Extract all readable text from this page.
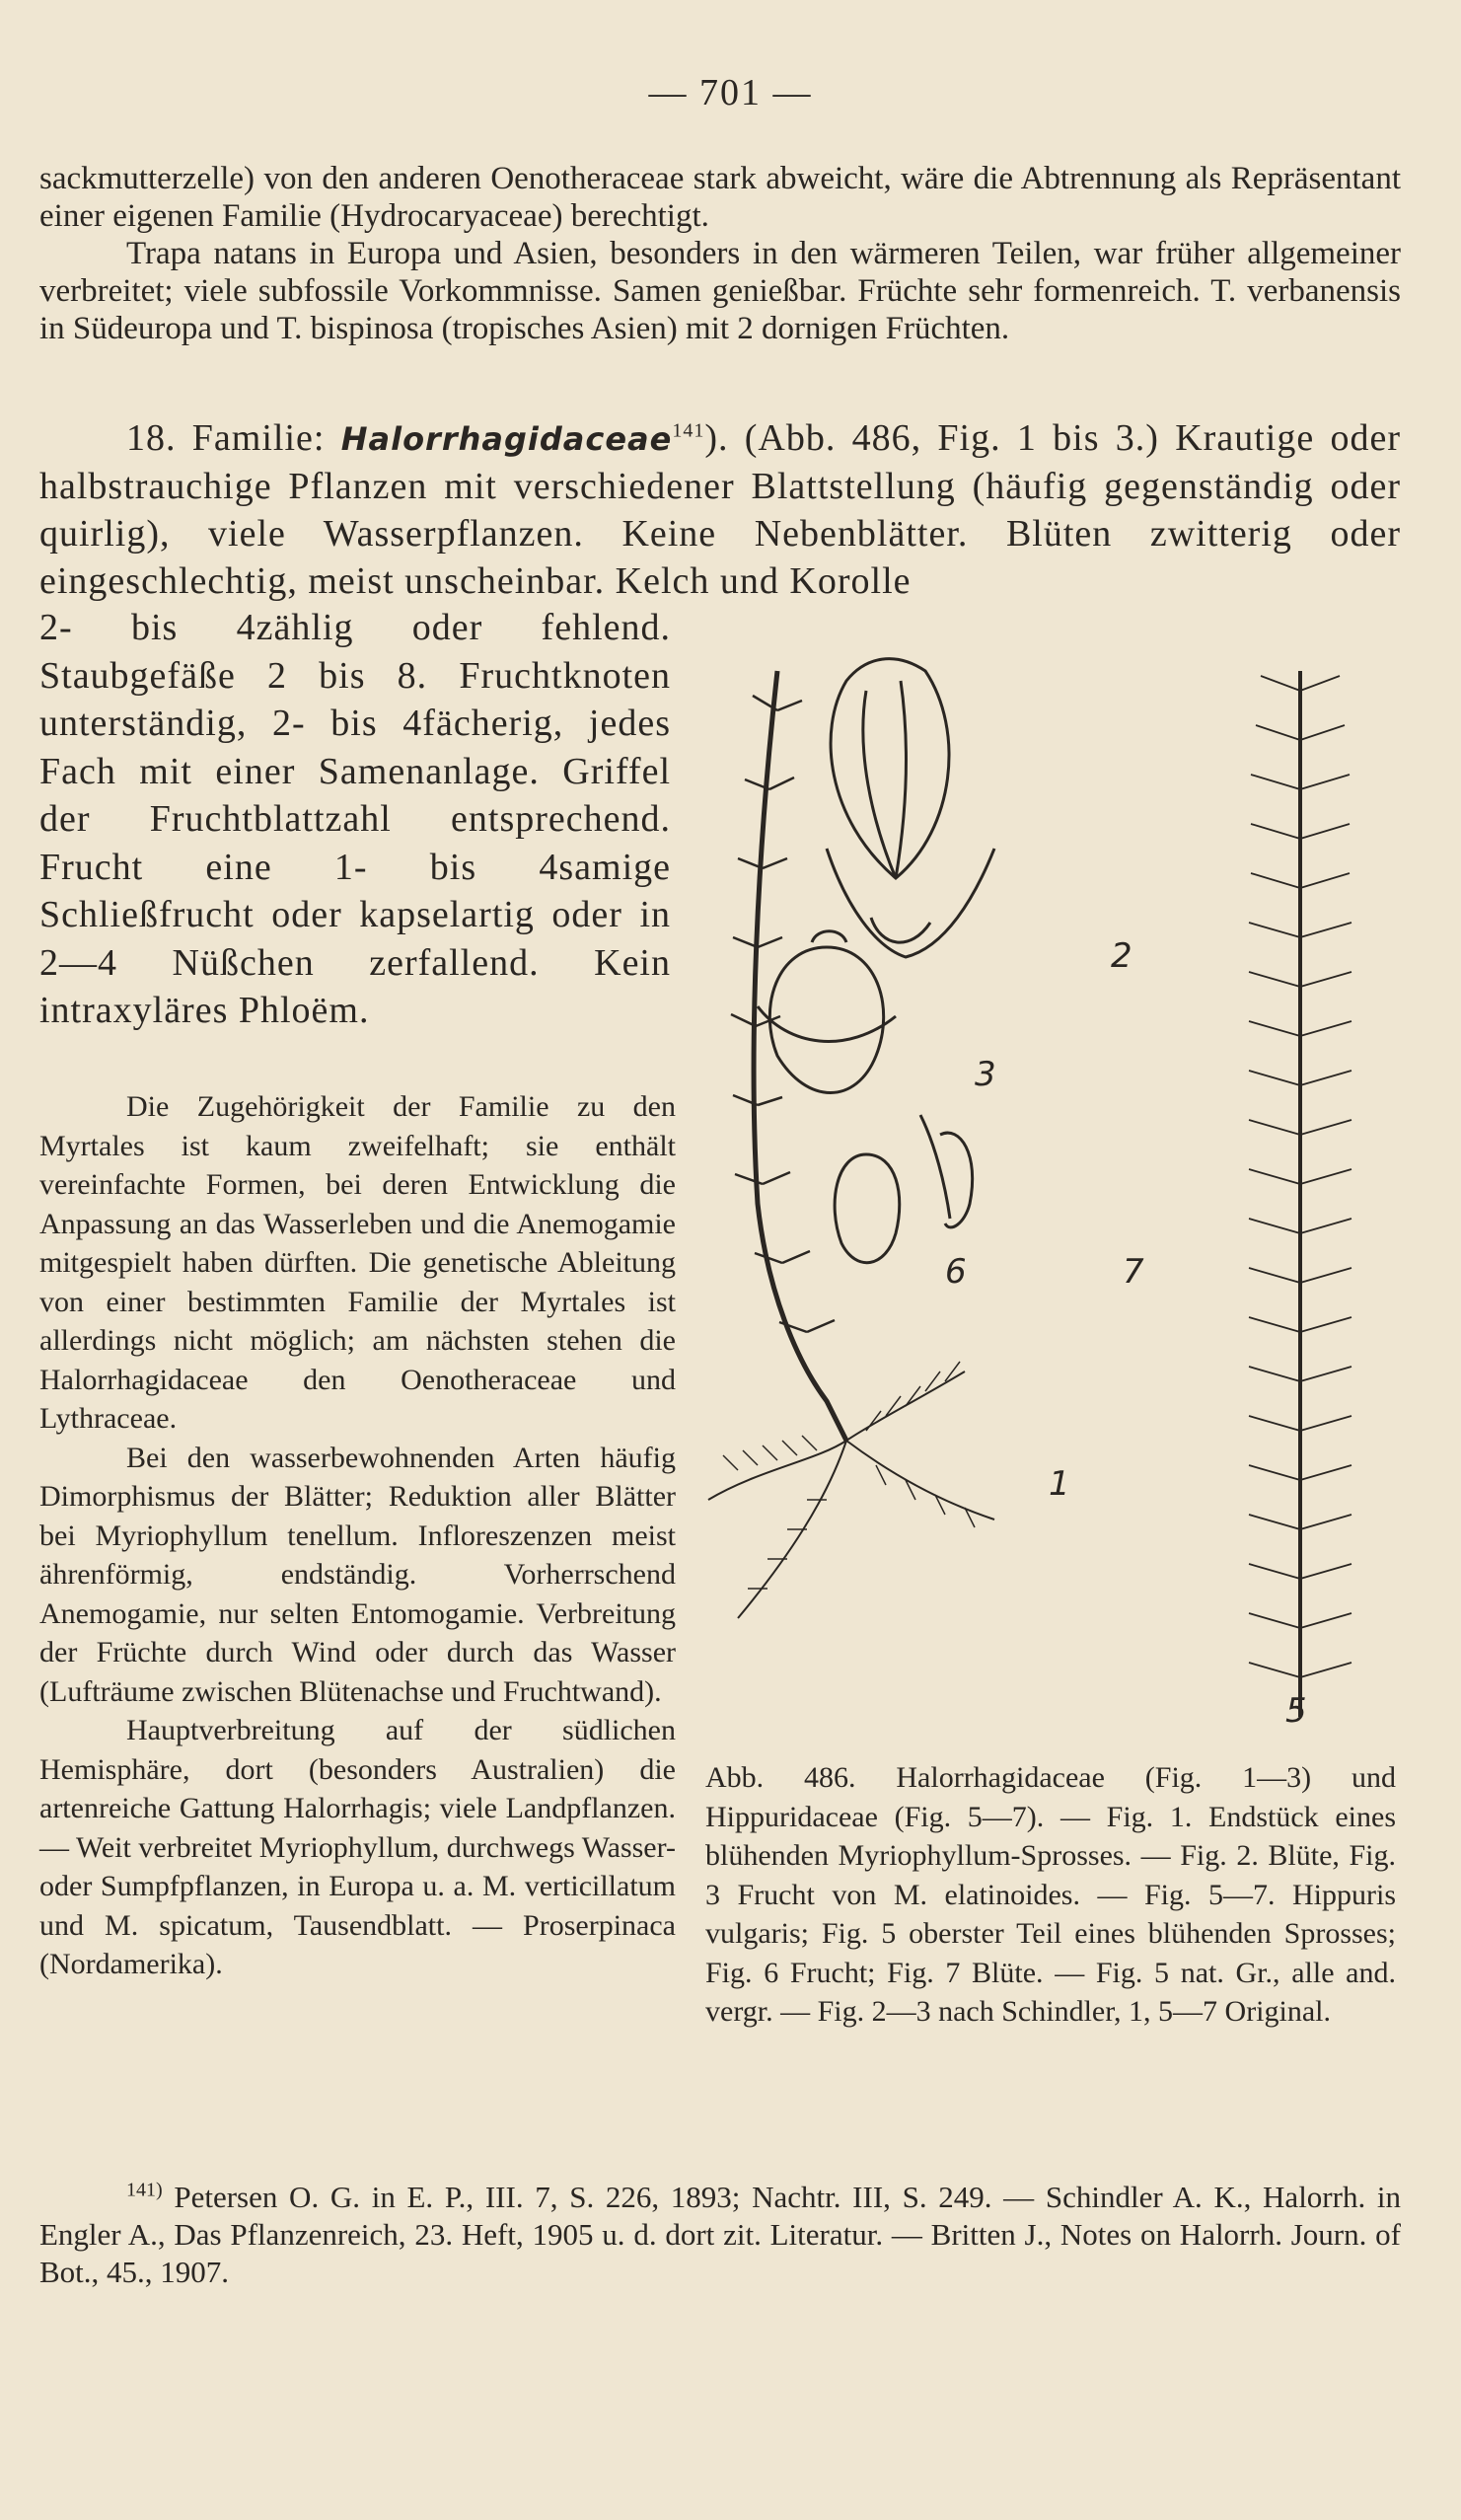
— 701 —

sackmutterzelle) von den anderen Oenotheraceae stark abweicht, wäre die Abtrennung als Repräsentant einer eigenen Familie (Hydrocaryaceae) berechtigt.

Trapa natans in Europa und Asien, besonders in den wärmeren Teilen, war früher allgemeiner verbreitet; viele subfossile Vorkommnisse. Samen genießbar. Früchte sehr formenreich. T. verbanensis in Südeuropa und T. bispinosa (tropisches Asien) mit 2 dornigen Früchten.

18. Familie: Halorrhagidaceae$^{141}$). (Abb. 486, Fig. 1 bis 3.) Krautige oder halbstrauchige Pflanzen mit verschiedener Blattstellung (häufig gegenständig oder quirlig), viele Wasserpflanzen. Keine Nebenblätter. Blüten zwitterig oder eingeschlechtig, meist unscheinbar. Kelch und Korolle
2- bis 4zählig oder fehlend. Staubgefäße 2 bis 8. Fruchtknoten unterständig, 2- bis 4fächerig, jedes Fach mit einer Samenanlage. Griffel der Fruchtblattzahl entsprechend. Frucht eine 1- bis 4samige Schließfrucht oder kapselartig oder in 2—4 Nüßchen zerfallend. Kein intraxyläres Phloëm.

Die Zugehörigkeit der Familie zu den Myrtales ist kaum zweifelhaft; sie enthält vereinfachte Formen, bei deren Entwicklung die Anpassung an das Wasserleben und die Anemogamie mitgespielt haben dürften. Die genetische Ableitung von einer bestimmten Familie der Myrtales ist allerdings nicht möglich; am nächsten stehen die Halorrhagidaceae den Oenotheraceae und Lythraceae.

Bei den wasserbewohnenden Arten häufig Dimorphismus der Blätter; Reduktion aller Blätter bei Myriophyllum tenellum. Infloreszenzen meist ährenförmig, endständig. Vorherrschend Anemogamie, nur selten Entomogamie. Verbreitung der Früchte durch Wind oder durch das Wasser (Lufträume zwischen Blütenachse und Fruchtwand).

Hauptverbreitung auf der südlichen Hemisphäre, dort (besonders Australien) die artenreiche Gattung Halorrhagis; viele Landpflanzen. — Weit verbreitet Myriophyllum, durchwegs Wasser- oder Sumpfpflanzen, in Europa u. a. M. verticillatum und M. spicatum, Tausendblatt. — Proserpinaca (Nordamerika).

2
3
6	7
1
5
Abb. 486. Halorrhagidaceae (Fig. 1—3) und Hippuridaceae (Fig. 5—7). — Fig. 1. Endstück eines blühenden Myriophyllum-Sprosses. — Fig. 2. Blüte, Fig. 3 Frucht von M. elatinoides. — Fig. 5—7. Hippuris vulgaris; Fig. 5 oberster Teil eines blühenden Sprosses; Fig. 6 Frucht; Fig. 7 Blüte. — Fig. 5 nat. Gr., alle and. vergr. — Fig. 2—3 nach Schindler, 1, 5—7 Original.

$^{141)}$ Petersen O. G. in E. P., III. 7, S. 226, 1893; Nachtr. III, S. 249. — Schindler A. K., Halorrh. in Engler A., Das Pflanzenreich, 23. Heft, 1905 u. d. dort zit. Literatur. — Britten J., Notes on Halorrh. Journ. of Bot., 45., 1907.
